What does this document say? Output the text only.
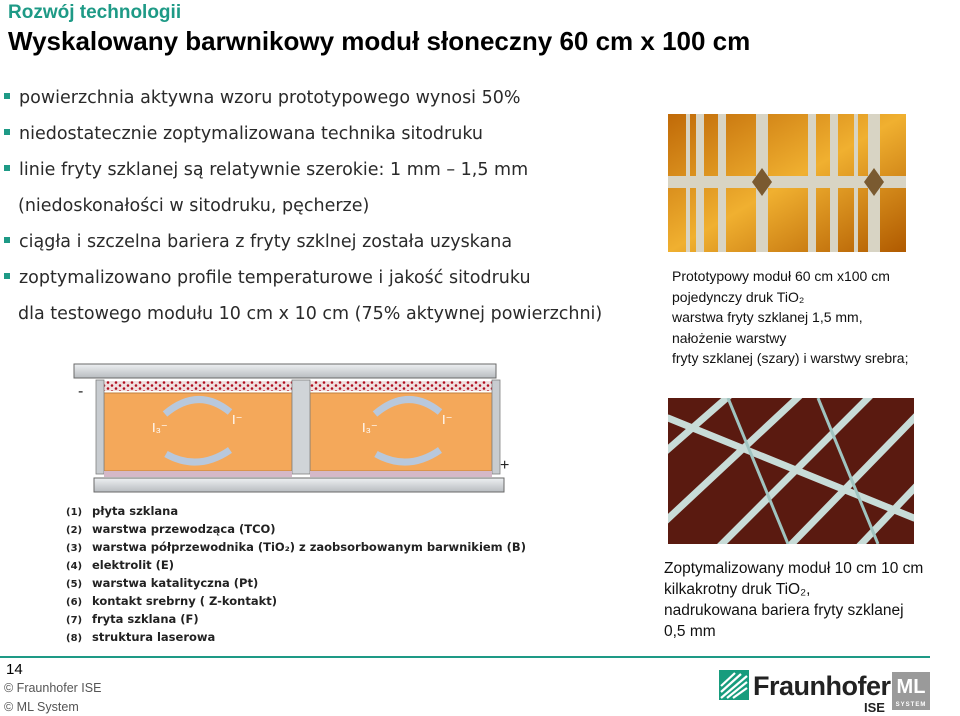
Rozwój technologii
Wyskalowany barwnikowy moduł słoneczny 60 cm x 100 cm
powierzchnia aktywna wzoru prototypowego wynosi 50%
niedostatecznie zoptymalizowana technika sitodruku
linie fryty szklanej są relatywnie szerokie: 1 mm – 1,5 mm
(niedoskonałości w sitodruku, pęcherze)
ciągła i szczelna bariera z fryty szklnej została uzyskana
zoptymalizowano profile temperaturowe i jakość sitodruku
dla testowego modułu 10 cm x 10 cm (75% aktywnej powierzchni)
I₃⁻
I⁻
I₃⁻
I⁻
-
+
(1) płyta szklana
(2) warstwa przewodząca (TCO)
(3) warstwa półprzewodnika (TiO₂) z zaobsorbowanym barwnikiem (B)
(4) elektrolit (E)
(5) warstwa katalityczna (Pt)
(6) kontakt srebrny ( Z-kontakt)
(7) fryta szklana (F)
(8) struktura laserowa
Prototypowy moduł 60 cm x100 cm
pojedynczy druk TiO₂
warstwa fryty szklanej 1,5 mm,
nałożenie warstwy
fryty szklanej (szary) i warstwy srebra;
Zoptymalizowany moduł 10 cm 10 cm
kilkakrotny druk TiO₂,
nadrukowana bariera fryty szklanej
0,5 mm
14
© Fraunhofer ISE
© ML System
Fraunhofer
ISE
ML
SYSTEM
